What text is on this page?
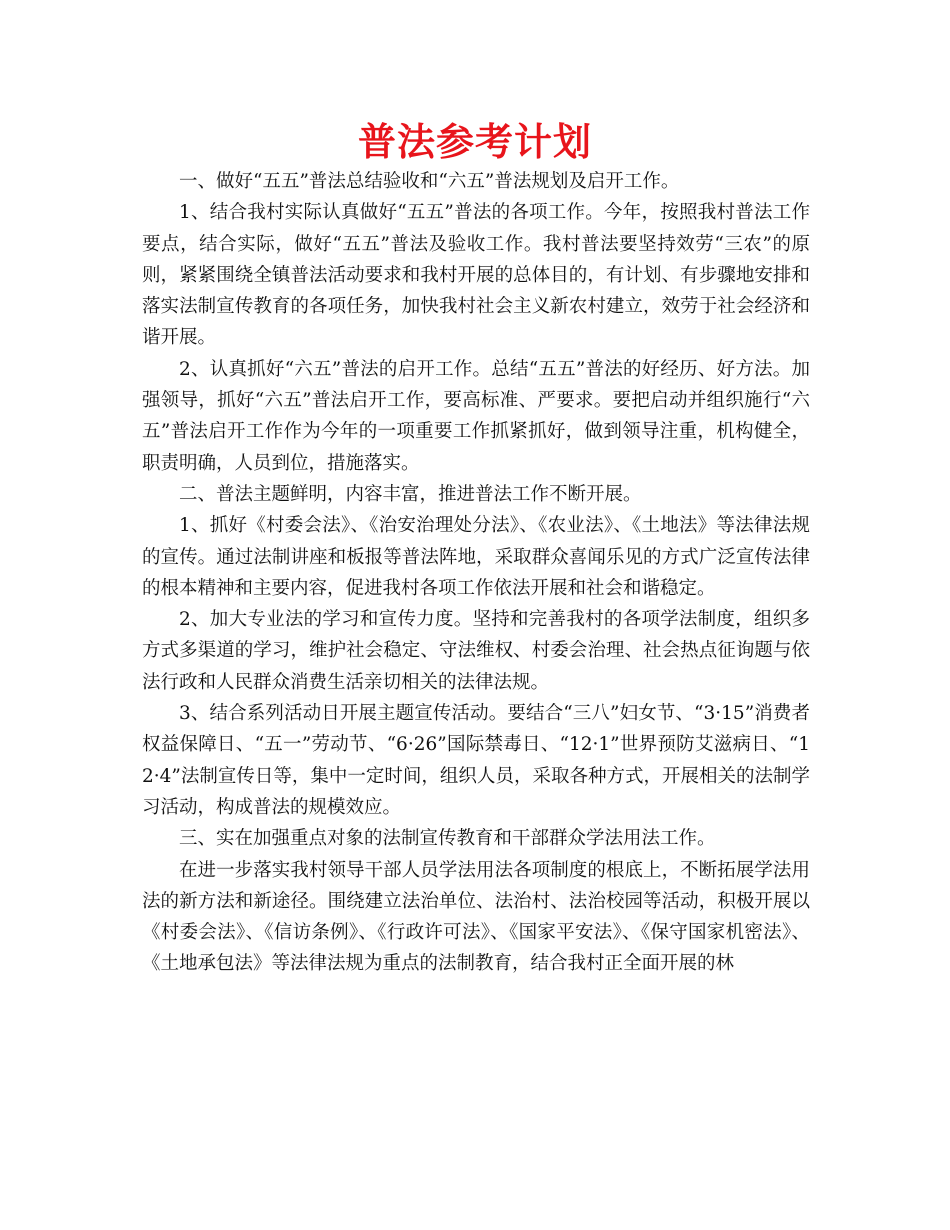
普法参考计划

一、做好“五五”普法总结验收和“六五”普法规划及启开工作。

1、结合我村实际认真做好“五五”普法的各项工作。今年，按照我村普法工作要点，结合实际，做好“五五”普法及验收工作。我村普法要坚持效劳“三农”的原则，紧紧围绕全镇普法活动要求和我村开展的总体目的，有计划、有步骤地安排和落实法制宣传教育的各项任务，加快我村社会主义新农村建立，效劳于社会经济和谐开展。

2、认真抓好“六五”普法的启开工作。总结“五五”普法的好经历、好方法。加强领导，抓好“六五”普法启开工作，要高标准、严要求。要把启动并组织施行“六五”普法启开工作作为今年的一项重要工作抓紧抓好，做到领导注重，机构健全，职责明确，人员到位，措施落实。

二、普法主题鲜明，内容丰富，推进普法工作不断开展。

1、抓好《村委会法》、《治安治理处分法》、《农业法》、《土地法》等法律法规的宣传。通过法制讲座和板报等普法阵地，采取群众喜闻乐见的方式广泛宣传法律的根本精神和主要内容，促进我村各项工作依法开展和社会和谐稳定。

2、加大专业法的学习和宣传力度。坚持和完善我村的各项学法制度，组织多方式多渠道的学习，维护社会稳定、守法维权、村委会治理、社会热点征询题与依法行政和人民群众消费生活亲切相关的法律法规。

3、结合系列活动日开展主题宣传活动。要结合“三八”妇女节、“3·15”消费者权益保障日、“五一”劳动节、“6·26”国际禁毒日、“12·1”世界预防艾滋病日、“12·4”法制宣传日等，集中一定时间，组织人员，采取各种方式，开展相关的法制学习活动，构成普法的规模效应。

三、实在加强重点对象的法制宣传教育和干部群众学法用法工作。

在进一步落实我村领导干部人员学法用法各项制度的根底上，不断拓展学法用法的新方法和新途径。围绕建立法治单位、法治村、法治校园等活动，积极开展以《村委会法》、《信访条例》、《行政许可法》、《国家平安法》、《保守国家机密法》、《土地承包法》等法律法规为重点的法制教育，结合我村正全面开展的林
